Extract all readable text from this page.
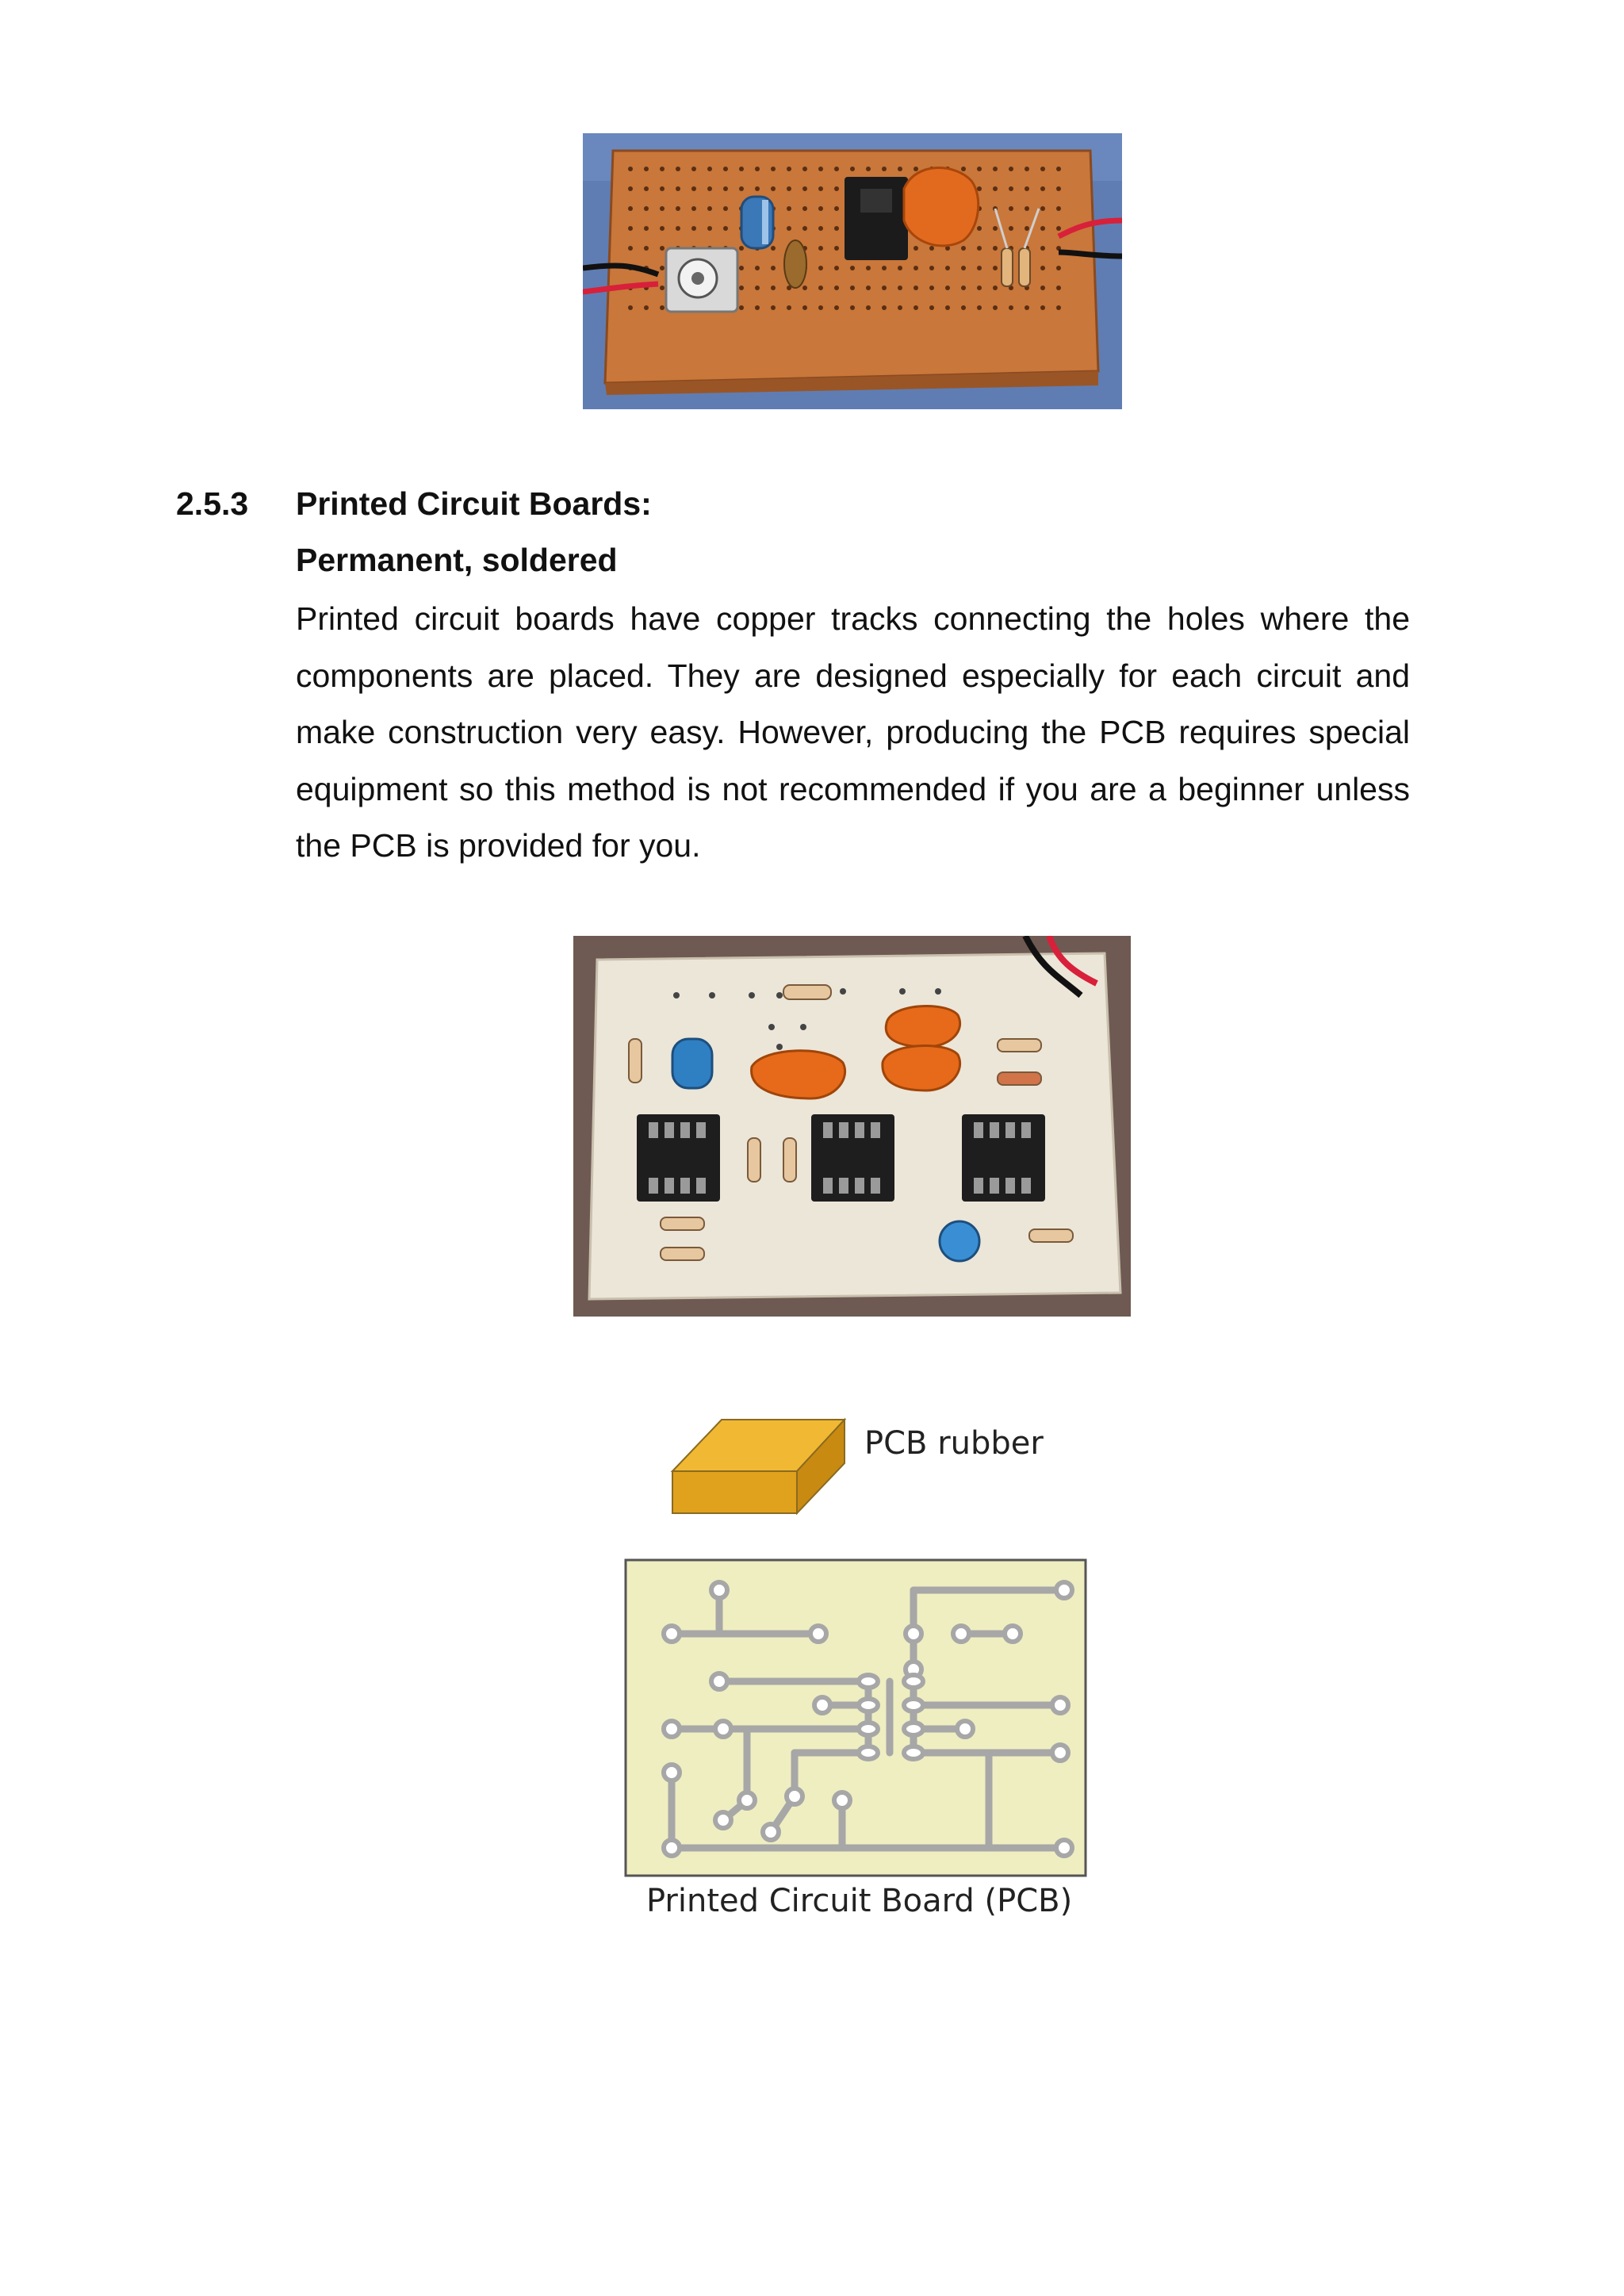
2.5.3 Printed Circuit Boards:
Permanent, soldered
Printed circuit boards have copper tracks connecting the holes where the
components are placed. They are designed especially for each circuit and
make construction very easy. However, producing the PCB requires special
equipment so this method is not recommended if you are a beginner unless
the PCB is provided for you.
PCB rubber
Printed Circuit Board (PCB)
